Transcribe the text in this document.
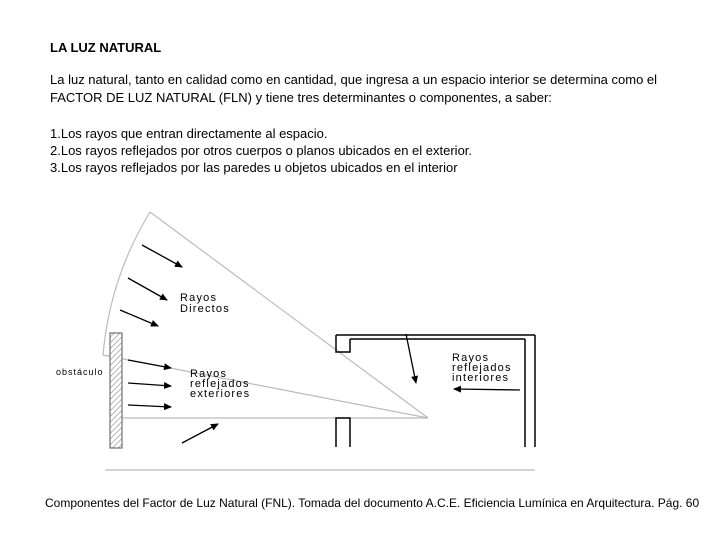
LA LUZ NATURAL

La luz natural, tanto en calidad como en cantidad, que ingresa a un espacio interior se determina como el FACTOR DE LUZ NATURAL (FLN) y tiene tres determinantes o componentes, a saber:

1.Los rayos que entran directamente al espacio.
2.Los rayos reflejados por otros cuerpos o planos ubicados en el exterior.
3.Los rayos reflejados por las paredes u objetos ubicados en el interior
Rayos Directos
Rayos reflejados exteriores
Rayos reflejados interiores
obstáculo

Componentes del Factor de Luz Natural (FNL). Tomada del documento A.C.E. Eficiencia Lumínica en Arquitectura. Pág. 60
